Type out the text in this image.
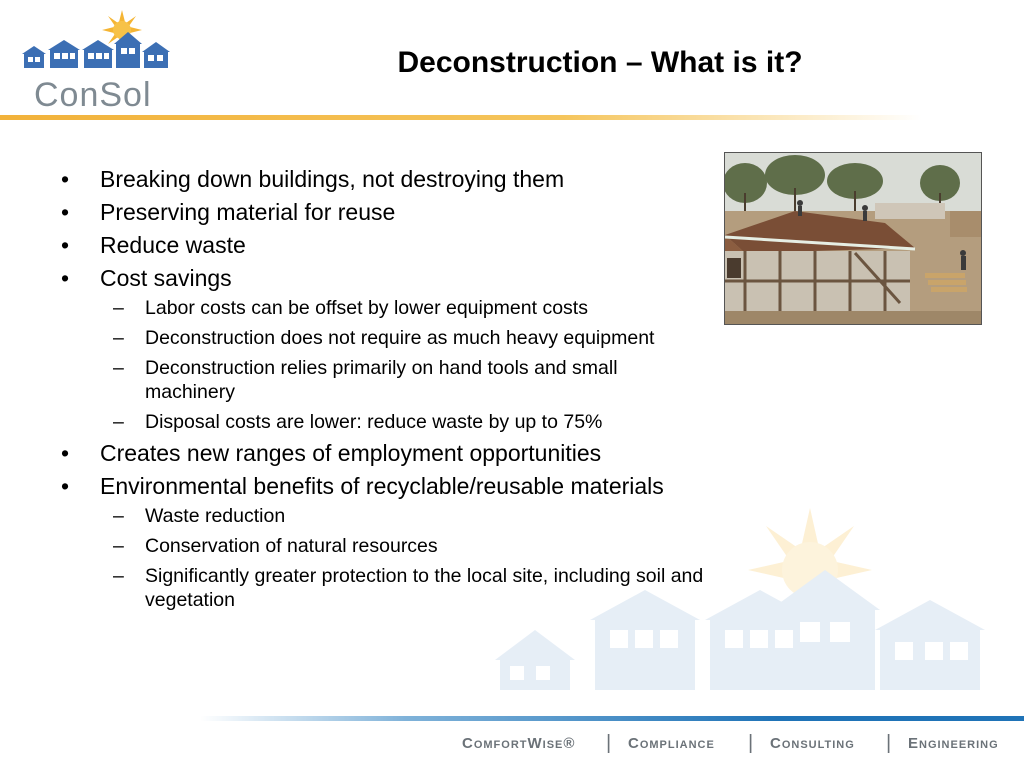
ConSol
Deconstruction – What is it?
• Breaking down buildings, not destroying them
• Preserving material for reuse
• Reduce waste
• Cost savings
– Labor costs can be offset by lower equipment costs
– Deconstruction does not require as much heavy equipment
– Deconstruction relies primarily on hand tools and small machinery
– Disposal costs are lower: reduce waste by up to 75%
• Creates new ranges of employment opportunities
• Environmental benefits of recyclable/reusable materials
– Waste reduction
– Conservation of natural resources
– Significantly greater protection to the local site, including soil and vegetation
ComfortWise® | Compliance | Consulting | Engineering
